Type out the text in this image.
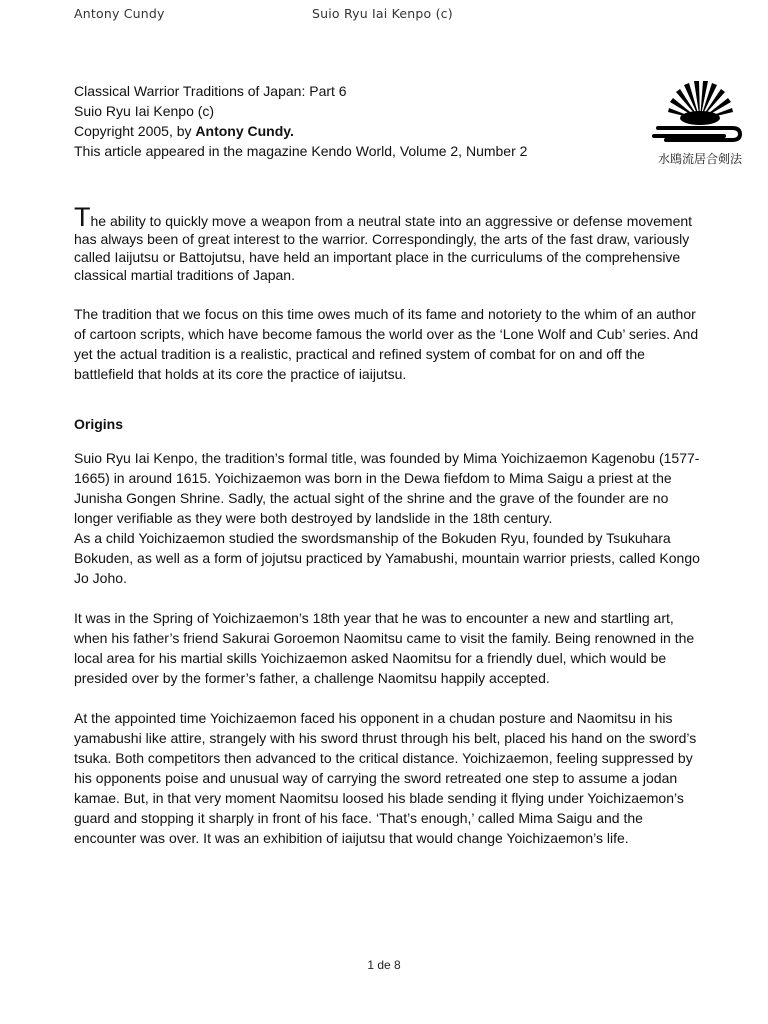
Antony Cundy	Suio Ryu Iai Kenpo (c)
Classical Warrior Traditions of Japan: Part 6
Suio Ryu Iai Kenpo (c)
Copyright 2005, by Antony Cundy.
This article appeared in the magazine Kendo World, Volume 2, Number 2	水鴎流居合剣法

The ability to quickly move a weapon from a neutral state into an aggressive or defense movement has always been of great interest to the warrior. Correspondingly, the arts of the fast draw, variously called Iaijutsu or Battojutsu, have held an important place in the curriculums of the comprehensive classical martial traditions of Japan.

The tradition that we focus on this time owes much of its fame and notoriety to the whim of an author of cartoon scripts, which have become famous the world over as the ‘Lone Wolf and Cub’ series. And yet the actual tradition is a realistic, practical and refined system of combat for on and off the battlefield that holds at its core the practice of iaijutsu.

Origins

Suio Ryu Iai Kenpo, the tradition’s formal title, was founded by Mima Yoichizaemon Kagenobu (1577-1665) in around 1615. Yoichizaemon was born in the Dewa fiefdom to Mima Saigu a priest at the Junisha Gongen Shrine. Sadly, the actual sight of the shrine and the grave of the founder are no longer verifiable as they were both destroyed by landslide in the 18th century.

As a child Yoichizaemon studied the swordsmanship of the Bokuden Ryu, founded by Tsukuhara Bokuden, as well as a form of jojutsu practiced by Yamabushi, mountain warrior priests, called Kongo Jo Joho.

It was in the Spring of Yoichizaemon’s 18th year that he was to encounter a new and startling art, when his father’s friend Sakurai Goroemon Naomitsu came to visit the family. Being renowned in the local area for his martial skills Yoichizaemon asked Naomitsu for a friendly duel, which would be presided over by the former’s father, a challenge Naomitsu happily accepted.

At the appointed time Yoichizaemon faced his opponent in a chudan posture and Naomitsu in his yamabushi like attire, strangely with his sword thrust through his belt, placed his hand on the sword’s tsuka. Both competitors then advanced to the critical distance. Yoichizaemon, feeling suppressed by his opponents poise and unusual way of carrying the sword retreated one step to assume a jodan kamae. But, in that very moment Naomitsu loosed his blade sending it flying under Yoichizaemon’s guard and stopping it sharply in front of his face. ‘That’s enough,’ called Mima Saigu and the encounter was over. It was an exhibition of iaijutsu that would change Yoichizaemon’s life.

1 de 8
